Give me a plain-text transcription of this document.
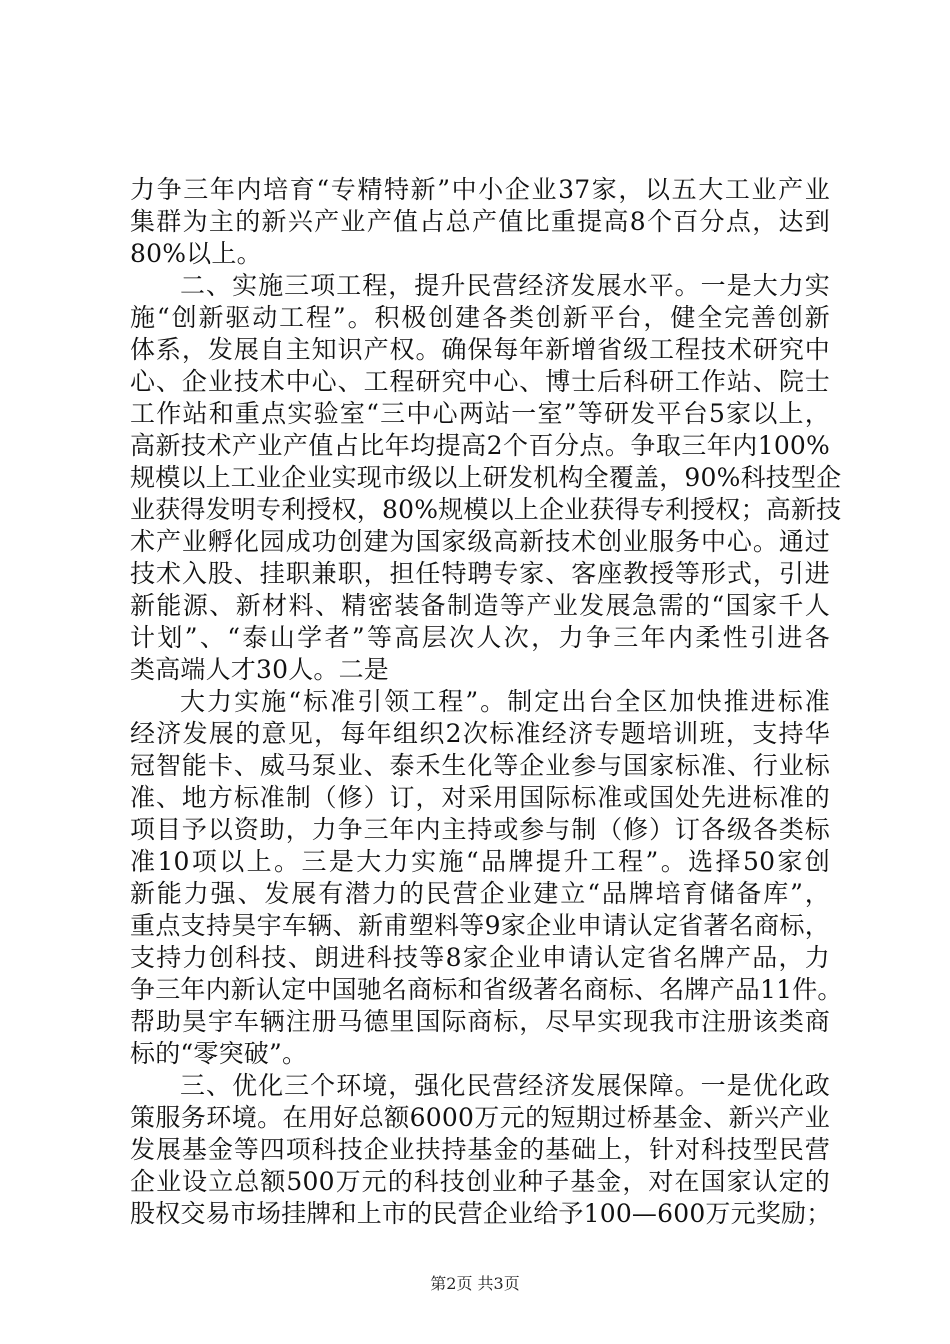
力争三年内培育“专精特新”中小企业37家，以五大工业产业
集群为主的新兴产业产值占总产值比重提高8个百分点，达到
80%以上。
二、实施三项工程，提升民营经济发展水平。一是大力实
施“创新驱动工程”。积极创建各类创新平台，健全完善创新
体系，发展自主知识产权。确保每年新增省级工程技术研究中
心、企业技术中心、工程研究中心、博士后科研工作站、院士
工作站和重点实验室“三中心两站一室”等研发平台5家以上，
高新技术产业产值占比年均提高2个百分点。争取三年内100%
规模以上工业企业实现市级以上研发机构全覆盖，90%科技型企
业获得发明专利授权，80%规模以上企业获得专利授权；高新技
术产业孵化园成功创建为国家级高新技术创业服务中心。通过
技术入股、挂职兼职，担任特聘专家、客座教授等形式，引进
新能源、新材料、精密装备制造等产业发展急需的“国家千人
计划”、“泰山学者”等高层次人次，力争三年内柔性引进各
类高端人才30人。二是
大力实施“标准引领工程”。制定出台全区加快推进标准
经济发展的意见，每年组织2次标准经济专题培训班，支持华
冠智能卡、威马泵业、泰禾生化等企业参与国家标准、行业标
准、地方标准制（修）订，对采用国际标准或国处先进标准的
项目予以资助，力争三年内主持或参与制（修）订各级各类标
准10项以上。三是大力实施“品牌提升工程”。选择50家创
新能力强、发展有潜力的民营企业建立“品牌培育储备库”，
重点支持昊宇车辆、新甫塑料等9家企业申请认定省著名商标，
支持力创科技、朗进科技等8家企业申请认定省名牌产品，力
争三年内新认定中国驰名商标和省级著名商标、名牌产品11件。
帮助昊宇车辆注册马德里国际商标，尽早实现我市注册该类商
标的“零突破”。
三、优化三个环境，强化民营经济发展保障。一是优化政
策服务环境。在用好总额6000万元的短期过桥基金、新兴产业
发展基金等四项科技企业扶持基金的基础上，针对科技型民营
企业设立总额500万元的科技创业种子基金，对在国家认定的
股权交易市场挂牌和上市的民营企业给予100—600万元奖励；
第2页 共3页
